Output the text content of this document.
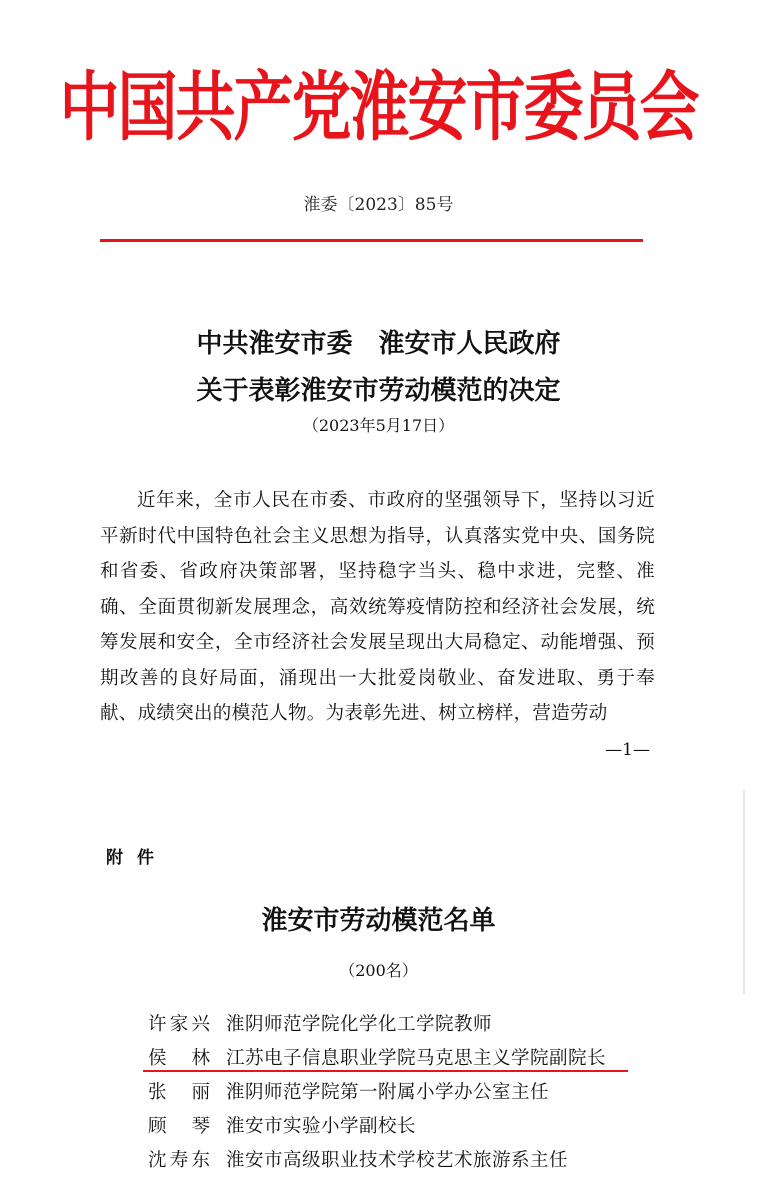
中国共产党淮安市委员会
淮委〔2023〕85号
中共淮安市委　淮安市人民政府
关于表彰淮安市劳动模范的决定
（2023年5月17日）
近年来，全市人民在市委、市政府的坚强领导下，坚持以习近平新时代中国特色社会主义思想为指导，认真落实党中央、国务院和省委、省政府决策部署，坚持稳字当头、稳中求进，完整、准确、全面贯彻新发展理念，高效统筹疫情防控和经济社会发展，统筹发展和安全，全市经济社会发展呈现出大局稳定、动能增强、预期改善的良好局面，涌现出一大批爱岗敬业、奋发进取、勇于奉献、成绩突出的模范人物。为表彰先进、树立榜样，营造劳动
—1—
附件
淮安市劳动模范名单
（200名）
许家兴 淮阴师范学院化学化工学院教师
侯林 江苏电子信息职业学院马克思主义学院副院长
张丽 淮阴师范学院第一附属小学办公室主任
顾琴 淮安市实验小学副校长
沈寿东 淮安市高级职业技术学校艺术旅游系主任
